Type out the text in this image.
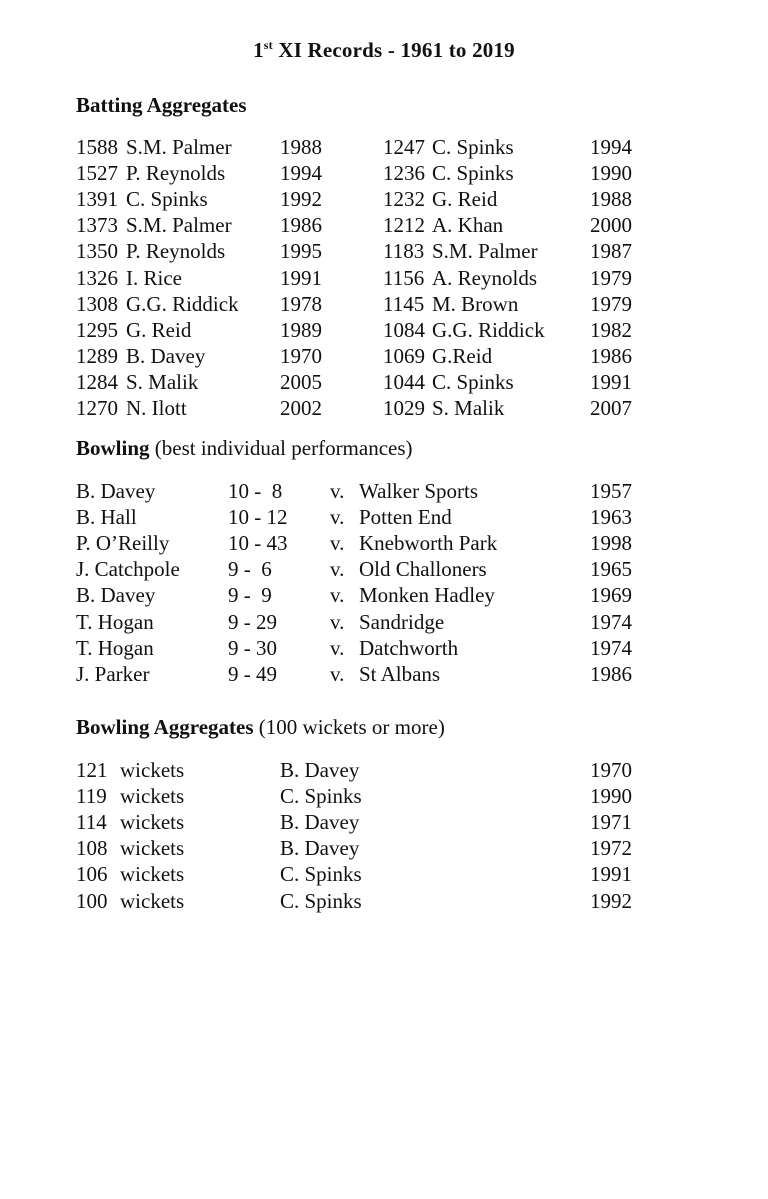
1st XI Records - 1961 to 2019
Batting Aggregates
1588 S.M. Palmer 1988	1247 C. Spinks	1994
1527 P. Reynolds	1994	1236 C. Spinks	1990
1391 C. Spinks	1992	1232 G. Reid	1988
1373 S.M. Palmer 1986	1212 A. Khan	2000
1350 P. Reynolds	1995	1183 S.M. Palmer 1987
1326 I. Rice	1991	1156 A. Reynolds	1979
1308 G.G. Riddick 1978	1145 M. Brown	1979
1295 G. Reid	1989	1084 G.G. Riddick 1982
1289 B. Davey	1970	1069 G.Reid	1986
1284 S. Malik	2005	1044 C. Spinks	1991
1270 N. Ilott	2002	1029 S. Malik	2007
Bowling (best individual performances)
B. Davey	10 -  8 v. Walker Sports	1957
B. Hall	10 - 12 v. Potten End	1963
P. O’Reilly	10 - 43 v. Knebworth Park	1998
J. Catchpole 9 -  6	v. Old Challoners	1965
B. Davey	9 -  9	v. Monken Hadley	1969
T. Hogan	9 - 29	v. Sandridge	1974
T. Hogan	9 - 30	v. Datchworth	1974
J. Parker	9 - 49	v. St Albans	1986
Bowling Aggregates (100 wickets or more)
121 wickets	B. Davey	1970
119 wickets	C. Spinks	1990
114 wickets	B. Davey	1971
108 wickets	B. Davey	1972
106 wickets	C. Spinks	1991
100 wickets	C. Spinks	1992
